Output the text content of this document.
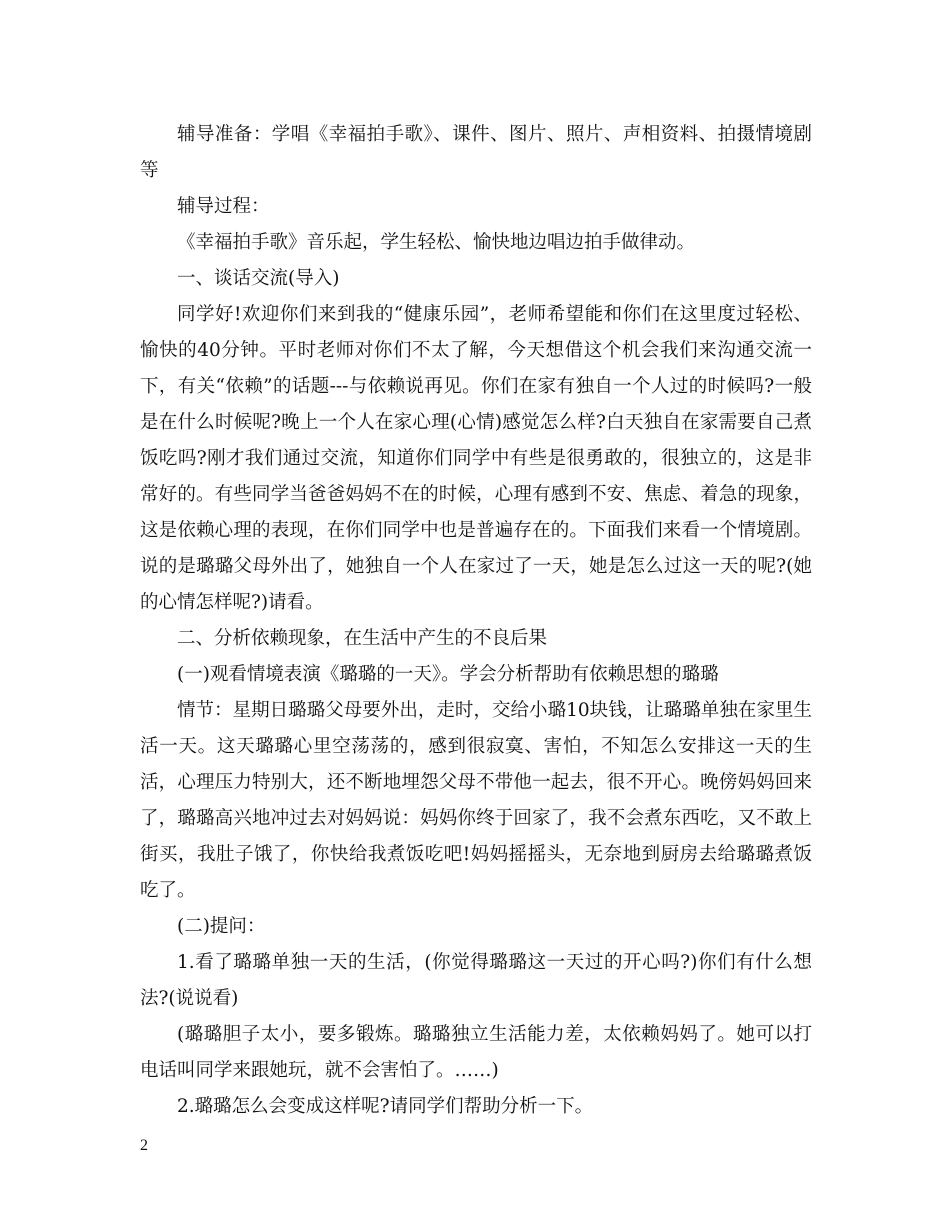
辅导准备：学唱《幸福拍手歌》、课件、图片、照片、声相资料、拍摄情境剧等

辅导过程：

《幸福拍手歌》音乐起，学生轻松、愉快地边唱边拍手做律动。

一、谈话交流(导入)

同学好!欢迎你们来到我的“健康乐园”，老师希望能和你们在这里度过轻松、愉快的40分钟。平时老师对你们不太了解，今天想借这个机会我们来沟通交流一下，有关“依赖”的话题---与依赖说再见。你们在家有独自一个人过的时候吗?一般是在什么时候呢?晚上一个人在家心理(心情)感觉怎么样?白天独自在家需要自己煮饭吃吗?刚才我们通过交流，知道你们同学中有些是很勇敢的，很独立的，这是非常好的。有些同学当爸爸妈妈不在的时候，心理有感到不安、焦虑、着急的现象，这是依赖心理的表现，在你们同学中也是普遍存在的。下面我们来看一个情境剧。说的是璐璐父母外出了，她独自一个人在家过了一天，她是怎么过这一天的呢?(她的心情怎样呢?)请看。

二、分析依赖现象，在生活中产生的不良后果

(一)观看情境表演《璐璐的一天》。学会分析帮助有依赖思想的璐璐

情节：星期日璐璐父母要外出，走时，交给小璐10块钱，让璐璐单独在家里生活一天。这天璐璐心里空荡荡的，感到很寂寞、害怕，不知怎么安排这一天的生活，心理压力特别大，还不断地埋怨父母不带他一起去，很不开心。晚傍妈妈回来了，璐璐高兴地冲过去对妈妈说：妈妈你终于回家了，我不会煮东西吃，又不敢上街买，我肚子饿了，你快给我煮饭吃吧!妈妈摇摇头，无奈地到厨房去给璐璐煮饭吃了。

(二)提问：

1.看了璐璐单独一天的生活，(你觉得璐璐这一天过的开心吗?)你们有什么想法?(说说看)

(璐璐胆子太小，要多锻炼。璐璐独立生活能力差，太依赖妈妈了。她可以打电话叫同学来跟她玩，就不会害怕了。……)

2.璐璐怎么会变成这样呢?请同学们帮助分析一下。

2
